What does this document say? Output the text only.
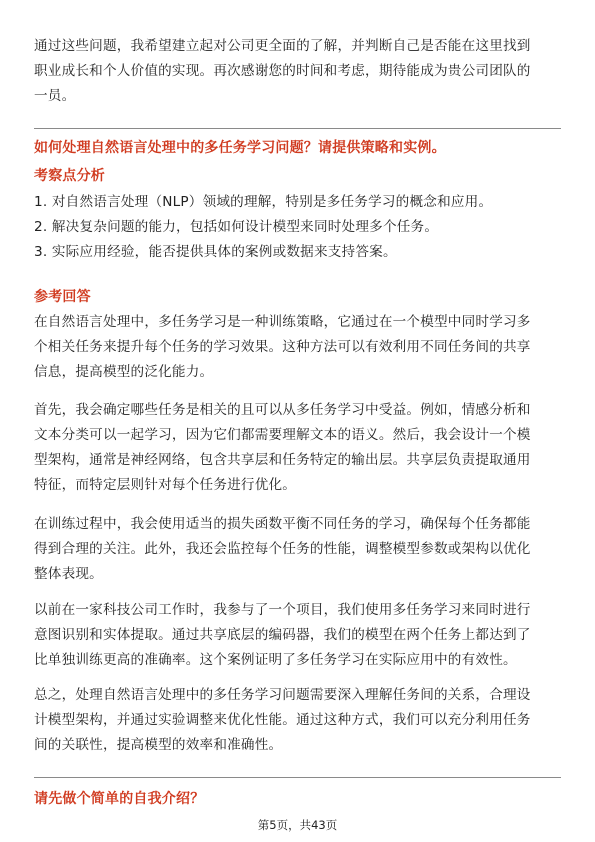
通过这些问题，我希望建立起对公司更全面的了解，并判断自己是否能在这里找到

职业成长和个人价值的实现。再次感谢您的时间和考虑，期待能成为贵公司团队的

一员。

如何处理自然语言处理中的多任务学习问题？请提供策略和实例。
考察点分析

1. 对自然语言处理（NLP）领域的理解，特别是多任务学习的概念和应用。

2. 解决复杂问题的能力，包括如何设计模型来同时处理多个任务。

3. 实际应用经验，能否提供具体的案例或数据来支持答案。

参考回答

在自然语言处理中，多任务学习是一种训练策略，它通过在一个模型中同时学习多

个相关任务来提升每个任务的学习效果。这种方法可以有效利用不同任务间的共享

信息，提高模型的泛化能力。

首先，我会确定哪些任务是相关的且可以从多任务学习中受益。例如，情感分析和

文本分类可以一起学习，因为它们都需要理解文本的语义。然后，我会设计一个模

型架构，通常是神经网络，包含共享层和任务特定的输出层。共享层负责提取通用

特征，而特定层则针对每个任务进行优化。

在训练过程中，我会使用适当的损失函数平衡不同任务的学习，确保每个任务都能

得到合理的关注。此外，我还会监控每个任务的性能，调整模型参数或架构以优化

整体表现。

以前在一家科技公司工作时，我参与了一个项目，我们使用多任务学习来同时进行

意图识别和实体提取。通过共享底层的编码器，我们的模型在两个任务上都达到了

比单独训练更高的准确率。这个案例证明了多任务学习在实际应用中的有效性。

总之，处理自然语言处理中的多任务学习问题需要深入理解任务间的关系，合理设

计模型架构，并通过实验调整来优化性能。通过这种方式，我们可以充分利用任务

间的关联性，提高模型的效率和准确性。

请先做个简单的自我介绍？
第5页，共43页
